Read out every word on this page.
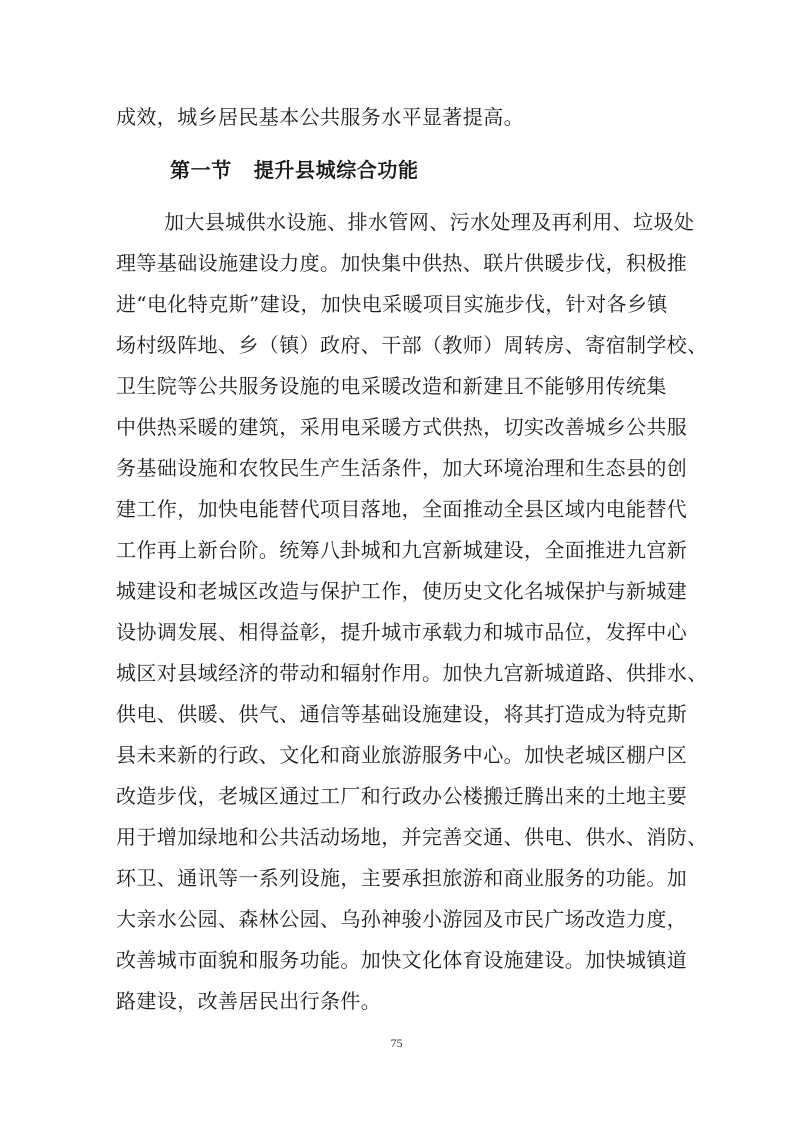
成效，城乡居民基本公共服务水平显著提高。
第一节 提升县城综合功能
加大县城供水设施、排水管网、污水处理及再利用、垃圾处
理等基础设施建设力度。加快集中供热、联片供暖步伐，积极推
进“电化特克斯”建设，加快电采暖项目实施步伐，针对各乡镇
场村级阵地、乡（镇）政府、干部（教师）周转房、寄宿制学校、
卫生院等公共服务设施的电采暖改造和新建且不能够用传统集
中供热采暖的建筑，采用电采暖方式供热，切实改善城乡公共服
务基础设施和农牧民生产生活条件，加大环境治理和生态县的创
建工作，加快电能替代项目落地，全面推动全县区域内电能替代
工作再上新台阶。统筹八卦城和九宫新城建设，全面推进九宫新
城建设和老城区改造与保护工作，使历史文化名城保护与新城建
设协调发展、相得益彰，提升城市承载力和城市品位，发挥中心
城区对县域经济的带动和辐射作用。加快九宫新城道路、供排水、
供电、供暖、供气、通信等基础设施建设，将其打造成为特克斯
县未来新的行政、文化和商业旅游服务中心。加快老城区棚户区
改造步伐，老城区通过工厂和行政办公楼搬迁腾出来的土地主要
用于增加绿地和公共活动场地，并完善交通、供电、供水、消防、
环卫、通讯等一系列设施，主要承担旅游和商业服务的功能。加
大亲水公园、森林公园、乌孙神骏小游园及市民广场改造力度，
改善城市面貌和服务功能。加快文化体育设施建设。加快城镇道
路建设，改善居民出行条件。
75
